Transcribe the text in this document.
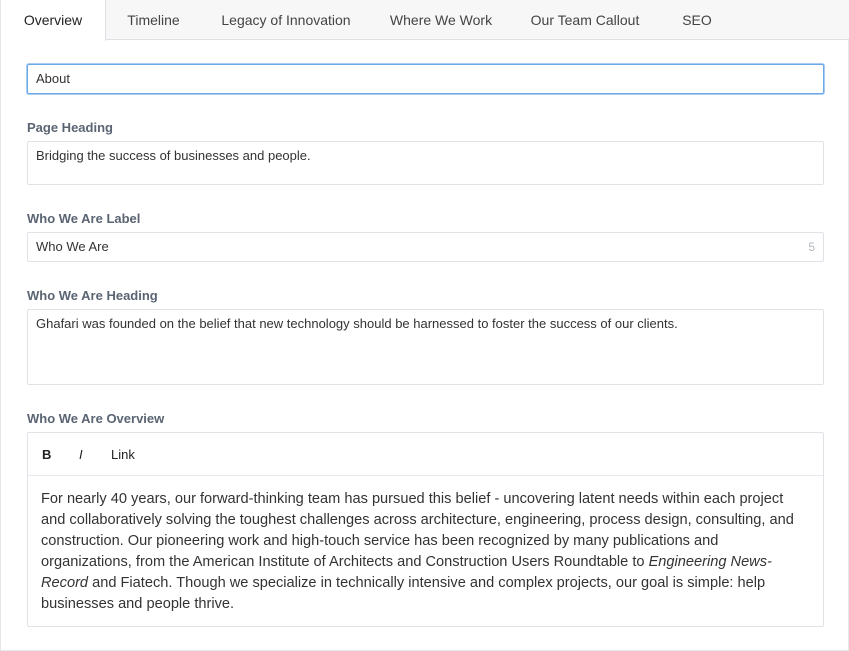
Overview	Timeline	Legacy of Innovation	Where We Work	Our Team Callout	SEO
About
Page Heading
Bridging the success of businesses and people.
Who We Are Label
Who We Are	5
Who We Are Heading
Ghafari was founded on the belief that new technology should be harnessed to foster the success of our clients.
Who We Are Overview
B I Link
For nearly 40 years, our forward-thinking team has pursued this belief - uncovering latent needs within each project and collaboratively solving the toughest challenges across architecture, engineering, process design, consulting, and construction. Our pioneering work and high-touch service has been recognized by many publications and organizations, from the American Institute of Architects and Construction Users Roundtable to Engineering News-Record and Fiatech. Though we specialize in technically intensive and complex projects, our goal is simple: help businesses and people thrive.
